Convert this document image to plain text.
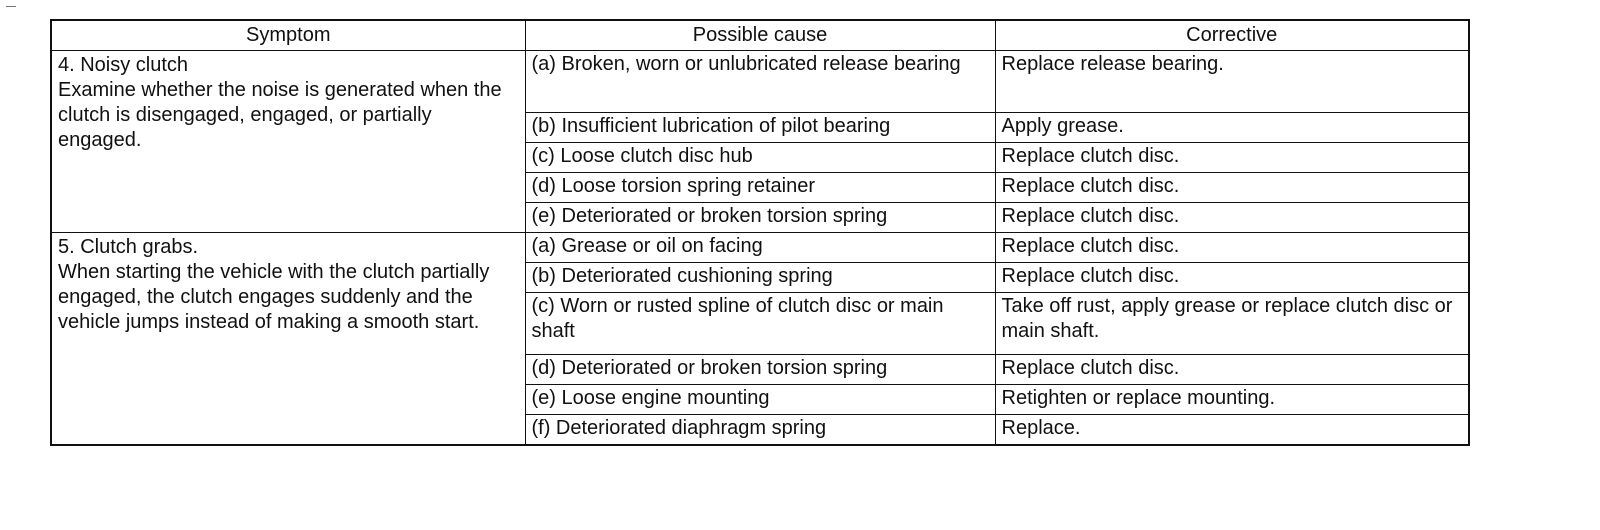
Symptom	Possible cause	Corrective

4. Noisy clutch
Examine whether the noise is generated when the clutch is disengaged, engaged, or partially engaged.	(a) Broken, worn or unlubricated release bearing	Replace release bearing.
	(b) Insufficient lubrication of pilot bearing	Apply grease.
	(c) Loose clutch disc hub	Replace clutch disc.
	(d) Loose torsion spring retainer	Replace clutch disc.
	(e) Deteriorated or broken torsion spring	Replace clutch disc.

5. Clutch grabs.
When starting the vehicle with the clutch partially engaged, the clutch engages suddenly and the vehicle jumps instead of making a smooth start.	(a) Grease or oil on facing	Replace clutch disc.
	(b) Deteriorated cushioning spring	Replace clutch disc.
	(c) Worn or rusted spline of clutch disc or main shaft	Take off rust, apply grease or replace clutch disc or main shaft.
	(d) Deteriorated or broken torsion spring	Replace clutch disc.
	(e) Loose engine mounting	Retighten or replace mounting.
	(f) Deteriorated diaphragm spring	Replace.
